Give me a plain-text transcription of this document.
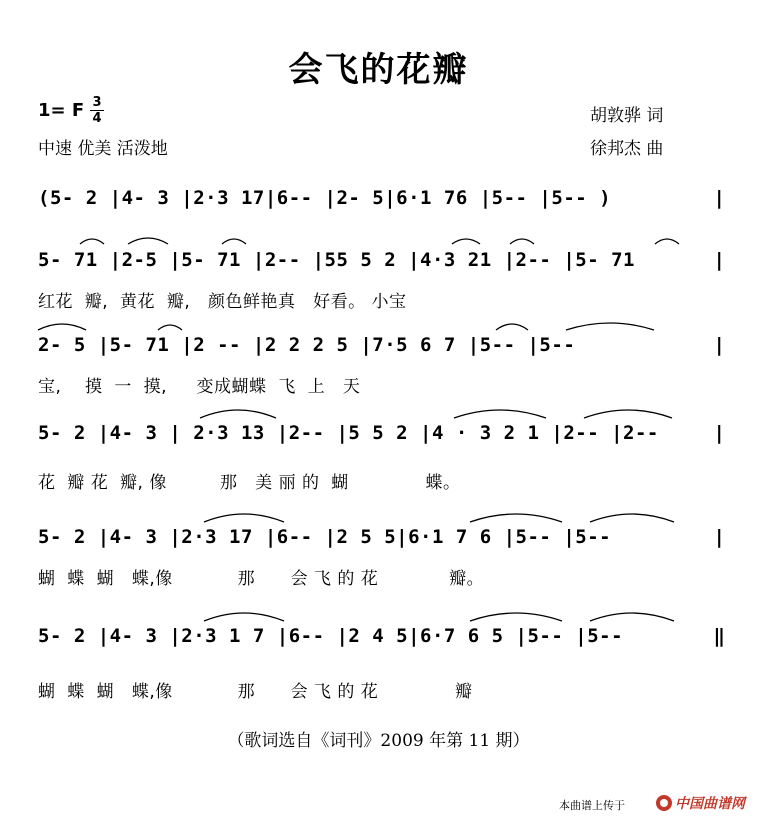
会飞的花瓣
1= F 3
4
中速 优美 活泼地
胡敦骅 词
徐邦杰 曲
(5- 2 |4- 3 |2·3 17|6-- |2- 5|6·1 76 |5-- |5-- )	|
5- 71 |2-5 |5- 71 |2-- |55 5 2 |4·3 21 |2-- |5- 71	|
红花  瓣,  黄花  瓣,   颜色鲜艳真   好看。 小宝
2- 5 |5- 71 |2 -- |2 2 2 5 |7·5 6 7 |5-- |5--	|
宝,    摸  一  摸,     变成蝴蝶  飞  上   天
5- 2 |4- 3 | 2·3 13 |2-- |5 5 2 |4 · 3 2 1 |2-- |2--	|
花  瓣 花  瓣, 像         那   美 丽 的  蝴             蝶。
5- 2 |4- 3 |2·3 17 |6-- |2 5 5|6·1 7 6 |5-- |5--	|
蝴  蝶  蝴   蝶,像           那      会 飞 的 花            瓣。
5- 2 |4- 3 |2·3 1 7 |6-- |2 4 5|6·7 6 5 |5-- |5--	‖
蝴  蝶  蝴   蝶,像           那      会 飞 的 花             瓣
（歌词选自《词刊》2009 年第 11 期）
本曲谱上传于	中国曲谱网
